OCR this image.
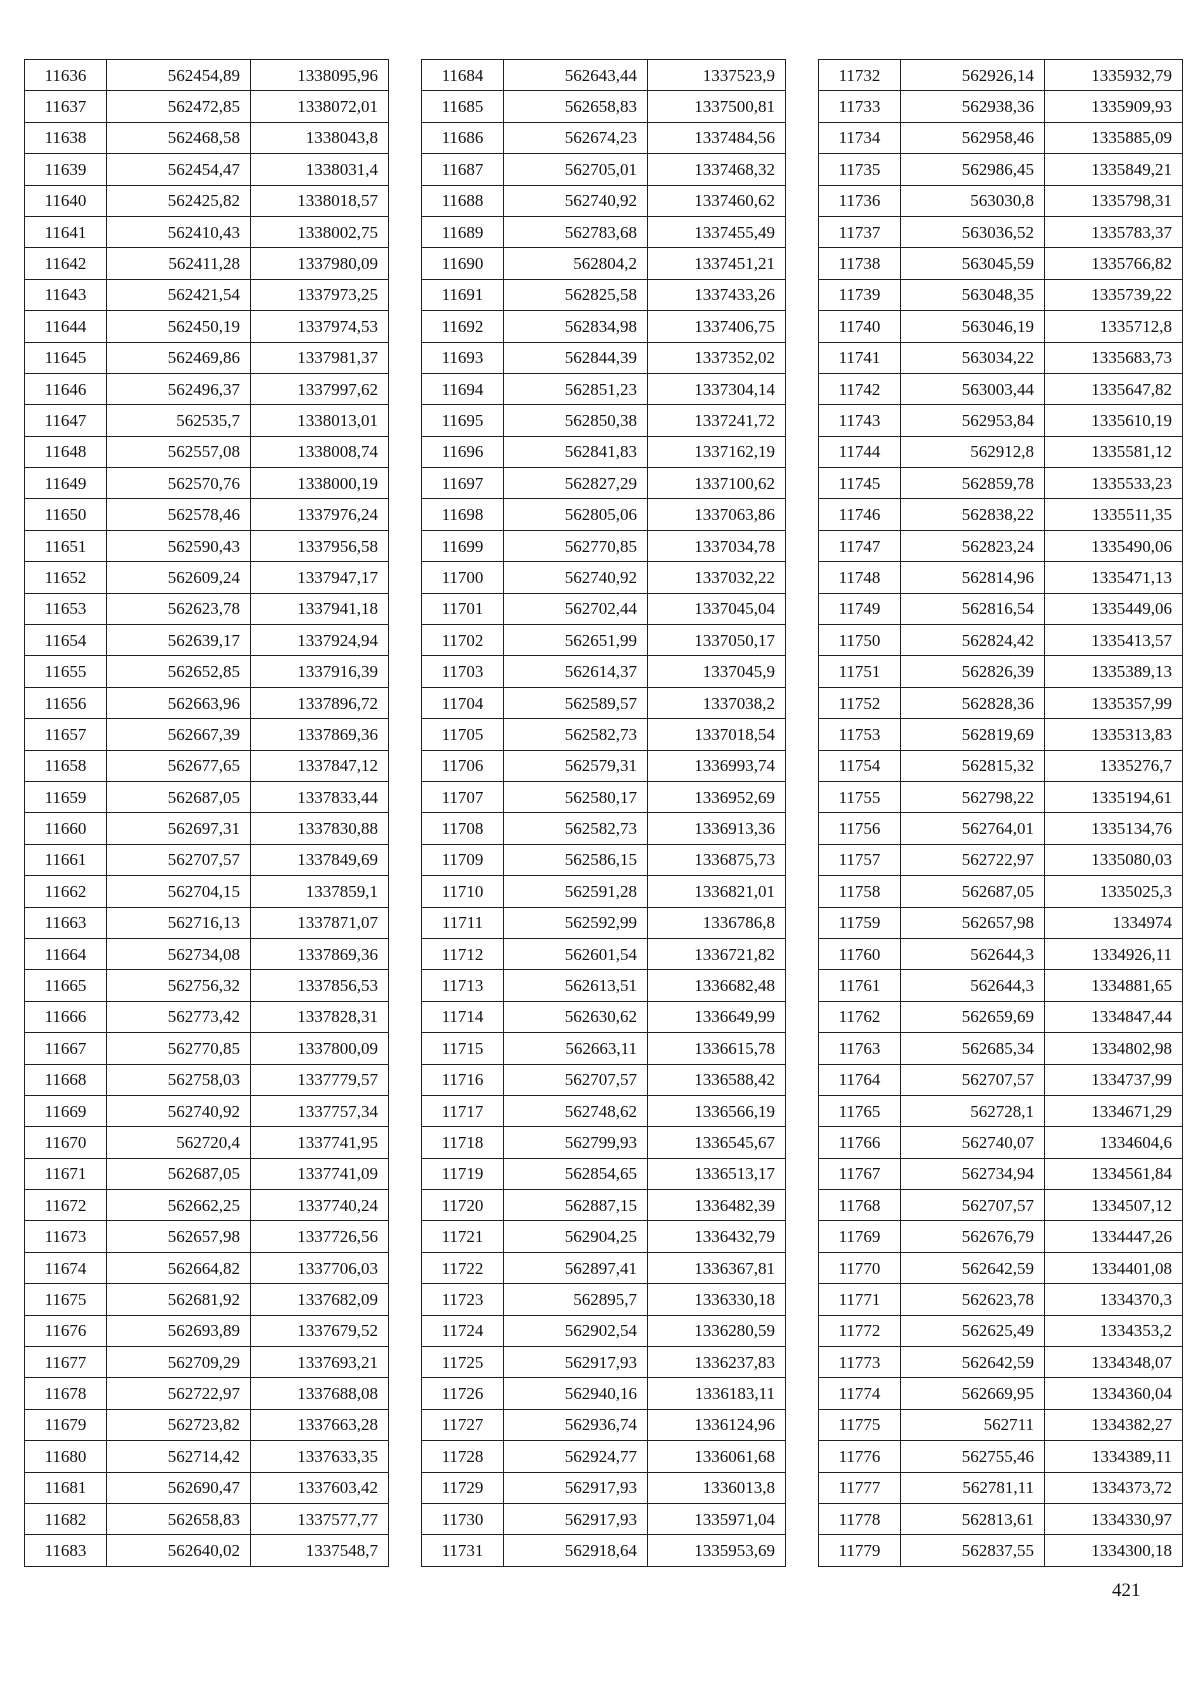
11636	562454,89	1338095,96
11637	562472,85	1338072,01
11638	562468,58	1338043,8
11639	562454,47	1338031,4
11640	562425,82	1338018,57
11641	562410,43	1338002,75
11642	562411,28	1337980,09
11643	562421,54	1337973,25
11644	562450,19	1337974,53
11645	562469,86	1337981,37
11646	562496,37	1337997,62
11647	562535,7	1338013,01
11648	562557,08	1338008,74
11649	562570,76	1338000,19
11650	562578,46	1337976,24
11651	562590,43	1337956,58
11652	562609,24	1337947,17
11653	562623,78	1337941,18
11654	562639,17	1337924,94
11655	562652,85	1337916,39
11656	562663,96	1337896,72
11657	562667,39	1337869,36
11658	562677,65	1337847,12
11659	562687,05	1337833,44
11660	562697,31	1337830,88
11661	562707,57	1337849,69
11662	562704,15	1337859,1
11663	562716,13	1337871,07
11664	562734,08	1337869,36
11665	562756,32	1337856,53
11666	562773,42	1337828,31
11667	562770,85	1337800,09
11668	562758,03	1337779,57
11669	562740,92	1337757,34
11670	562720,4	1337741,95
11671	562687,05	1337741,09
11672	562662,25	1337740,24
11673	562657,98	1337726,56
11674	562664,82	1337706,03
11675	562681,92	1337682,09
11676	562693,89	1337679,52
11677	562709,29	1337693,21
11678	562722,97	1337688,08
11679	562723,82	1337663,28
11680	562714,42	1337633,35
11681	562690,47	1337603,42
11682	562658,83	1337577,77
11683	562640,02	1337548,7
11684	562643,44	1337523,9
11685	562658,83	1337500,81
11686	562674,23	1337484,56
11687	562705,01	1337468,32
11688	562740,92	1337460,62
11689	562783,68	1337455,49
11690	562804,2	1337451,21
11691	562825,58	1337433,26
11692	562834,98	1337406,75
11693	562844,39	1337352,02
11694	562851,23	1337304,14
11695	562850,38	1337241,72
11696	562841,83	1337162,19
11697	562827,29	1337100,62
11698	562805,06	1337063,86
11699	562770,85	1337034,78
11700	562740,92	1337032,22
11701	562702,44	1337045,04
11702	562651,99	1337050,17
11703	562614,37	1337045,9
11704	562589,57	1337038,2
11705	562582,73	1337018,54
11706	562579,31	1336993,74
11707	562580,17	1336952,69
11708	562582,73	1336913,36
11709	562586,15	1336875,73
11710	562591,28	1336821,01
11711	562592,99	1336786,8
11712	562601,54	1336721,82
11713	562613,51	1336682,48
11714	562630,62	1336649,99
11715	562663,11	1336615,78
11716	562707,57	1336588,42
11717	562748,62	1336566,19
11718	562799,93	1336545,67
11719	562854,65	1336513,17
11720	562887,15	1336482,39
11721	562904,25	1336432,79
11722	562897,41	1336367,81
11723	562895,7	1336330,18
11724	562902,54	1336280,59
11725	562917,93	1336237,83
11726	562940,16	1336183,11
11727	562936,74	1336124,96
11728	562924,77	1336061,68
11729	562917,93	1336013,8
11730	562917,93	1335971,04
11731	562918,64	1335953,69
11732	562926,14	1335932,79
11733	562938,36	1335909,93
11734	562958,46	1335885,09
11735	562986,45	1335849,21
11736	563030,8	1335798,31
11737	563036,52	1335783,37
11738	563045,59	1335766,82
11739	563048,35	1335739,22
11740	563046,19	1335712,8
11741	563034,22	1335683,73
11742	563003,44	1335647,82
11743	562953,84	1335610,19
11744	562912,8	1335581,12
11745	562859,78	1335533,23
11746	562838,22	1335511,35
11747	562823,24	1335490,06
11748	562814,96	1335471,13
11749	562816,54	1335449,06
11750	562824,42	1335413,57
11751	562826,39	1335389,13
11752	562828,36	1335357,99
11753	562819,69	1335313,83
11754	562815,32	1335276,7
11755	562798,22	1335194,61
11756	562764,01	1335134,76
11757	562722,97	1335080,03
11758	562687,05	1335025,3
11759	562657,98	1334974
11760	562644,3	1334926,11
11761	562644,3	1334881,65
11762	562659,69	1334847,44
11763	562685,34	1334802,98
11764	562707,57	1334737,99
11765	562728,1	1334671,29
11766	562740,07	1334604,6
11767	562734,94	1334561,84
11768	562707,57	1334507,12
11769	562676,79	1334447,26
11770	562642,59	1334401,08
11771	562623,78	1334370,3
11772	562625,49	1334353,2
11773	562642,59	1334348,07
11774	562669,95	1334360,04
11775	562711	1334382,27
11776	562755,46	1334389,11
11777	562781,11	1334373,72
11778	562813,61	1334330,97
11779	562837,55	1334300,18
421
